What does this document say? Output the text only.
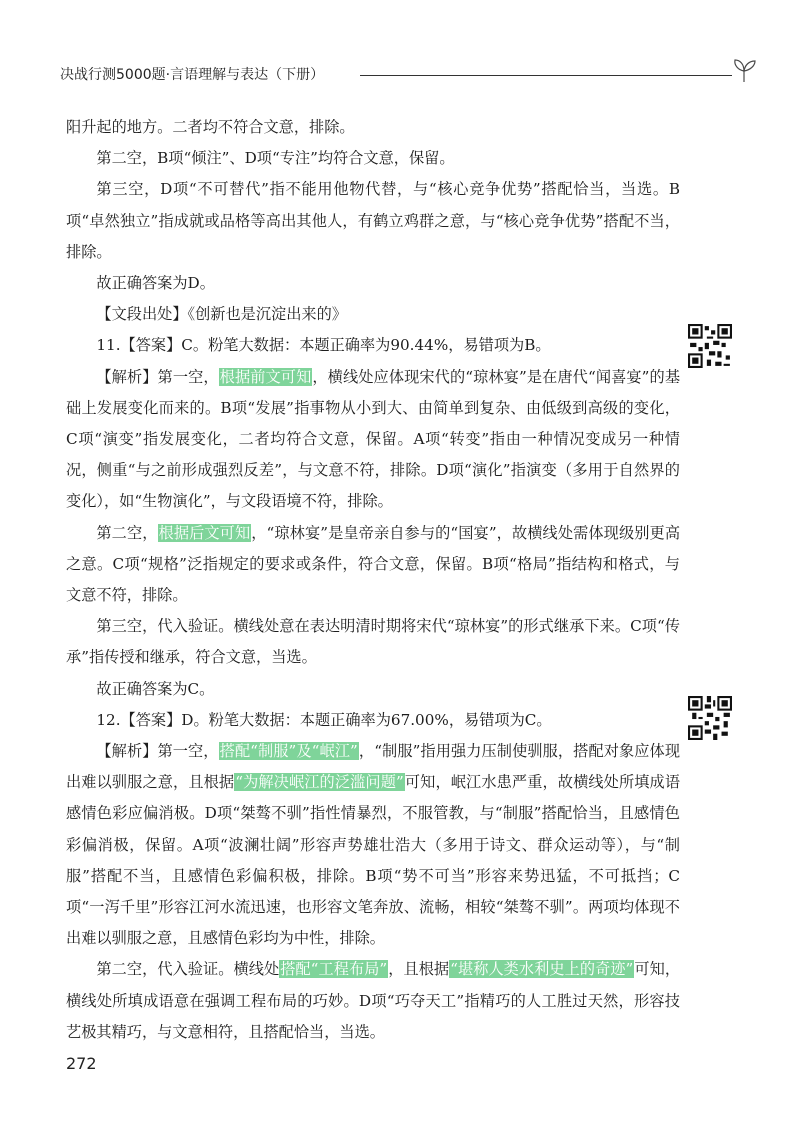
决战行测5000题·言语理解与表达（下册）

阳升起的地方。二者均不符合文意，排除。

第二空，B项“倾注”、D项“专注”均符合文意，保留。

第三空，D项“不可替代”指不能用他物代替，与“核心竞争优势”搭配恰当，当选。B项“卓然独立”指成就或品格等高出其他人，有鹤立鸡群之意，与“核心竞争优势”搭配不当，排除。

故正确答案为D。

【文段出处】《创新也是沉淀出来的》

11.【答案】C。粉笔大数据：本题正确率为90.44%，易错项为B。

【解析】第一空，根据前文可知，横线处应体现宋代的“琼林宴”是在唐代“闻喜宴”的基础上发展变化而来的。B项“发展”指事物从小到大、由简单到复杂、由低级到高级的变化，C项“演变”指发展变化，二者均符合文意，保留。A项“转变”指由一种情况变成另一种情况，侧重“与之前形成强烈反差”，与文意不符，排除。D项“演化”指演变（多用于自然界的变化），如“生物演化”，与文段语境不符，排除。

第二空，根据后文可知，“琼林宴”是皇帝亲自参与的“国宴”，故横线处需体现级别更高之意。C项“规格”泛指规定的要求或条件，符合文意，保留。B项“格局”指结构和格式，与文意不符，排除。

第三空，代入验证。横线处意在表达明清时期将宋代“琼林宴”的形式继承下来。C项“传承”指传授和继承，符合文意，当选。

故正确答案为C。

12.【答案】D。粉笔大数据：本题正确率为67.00%，易错项为C。

【解析】第一空，搭配“制服”及“岷江”，“制服”指用强力压制使驯服，搭配对象应体现出难以驯服之意，且根据“为解决岷江的泛滥问题”可知，岷江水患严重，故横线处所填成语感情色彩应偏消极。D项“桀骜不驯”指性情暴烈，不服管教，与“制服”搭配恰当，且感情色彩偏消极，保留。A项“波澜壮阔”形容声势雄壮浩大（多用于诗文、群众运动等），与“制服”搭配不当，且感情色彩偏积极，排除。B项“势不可当”形容来势迅猛，不可抵挡；C项“一泻千里”形容江河水流迅速，也形容文笔奔放、流畅，相较“桀骜不驯”。两项均体现不出难以驯服之意，且感情色彩均为中性，排除。

第二空，代入验证。横线处搭配“工程布局”，且根据“堪称人类水利史上的奇迹”可知，横线处所填成语意在强调工程布局的巧妙。D项“巧夺天工”指精巧的人工胜过天然，形容技艺极其精巧，与文意相符，且搭配恰当，当选。

272
